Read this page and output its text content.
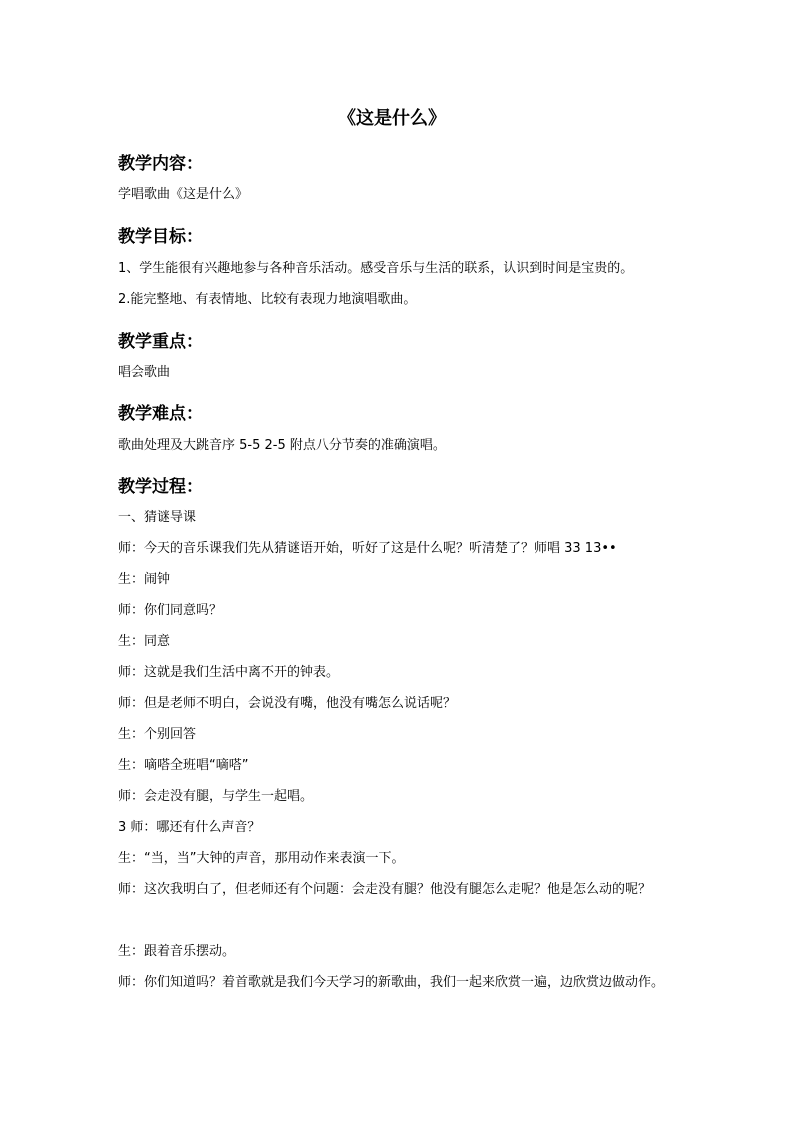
《这是什么》
教学内容：
学唱歌曲《这是什么》
教学目标：
1、学生能很有兴趣地参与各种音乐活动。感受音乐与生活的联系，认识到时间是宝贵的。
2.能完整地、有表情地、比较有表现力地演唱歌曲。
教学重点：
唱会歌曲
教学难点：
歌曲处理及大跳音序 5-5 2-5 附点八分节奏的准确演唱。
教学过程：
一、猜谜导课
师：今天的音乐课我们先从猜谜语开始，听好了这是什么呢？听清楚了？师唱 33 13••
生：闹钟
师：你们同意吗？
生：同意
师：这就是我们生活中离不开的钟表。
师：但是老师不明白，会说没有嘴，他没有嘴怎么说话呢？
生：个别回答
生：嘀嗒全班唱“嘀嗒”
师：会走没有腿，与学生一起唱。
3 师：哪还有什么声音？
生：“当，当”大钟的声音，那用动作来表演一下。
师：这次我明白了，但老师还有个问题：会走没有腿？他没有腿怎么走呢？他是怎么动的呢？
生：跟着音乐摆动。
师：你们知道吗？着首歌就是我们今天学习的新歌曲，我们一起来欣赏一遍，边欣赏边做动作。
